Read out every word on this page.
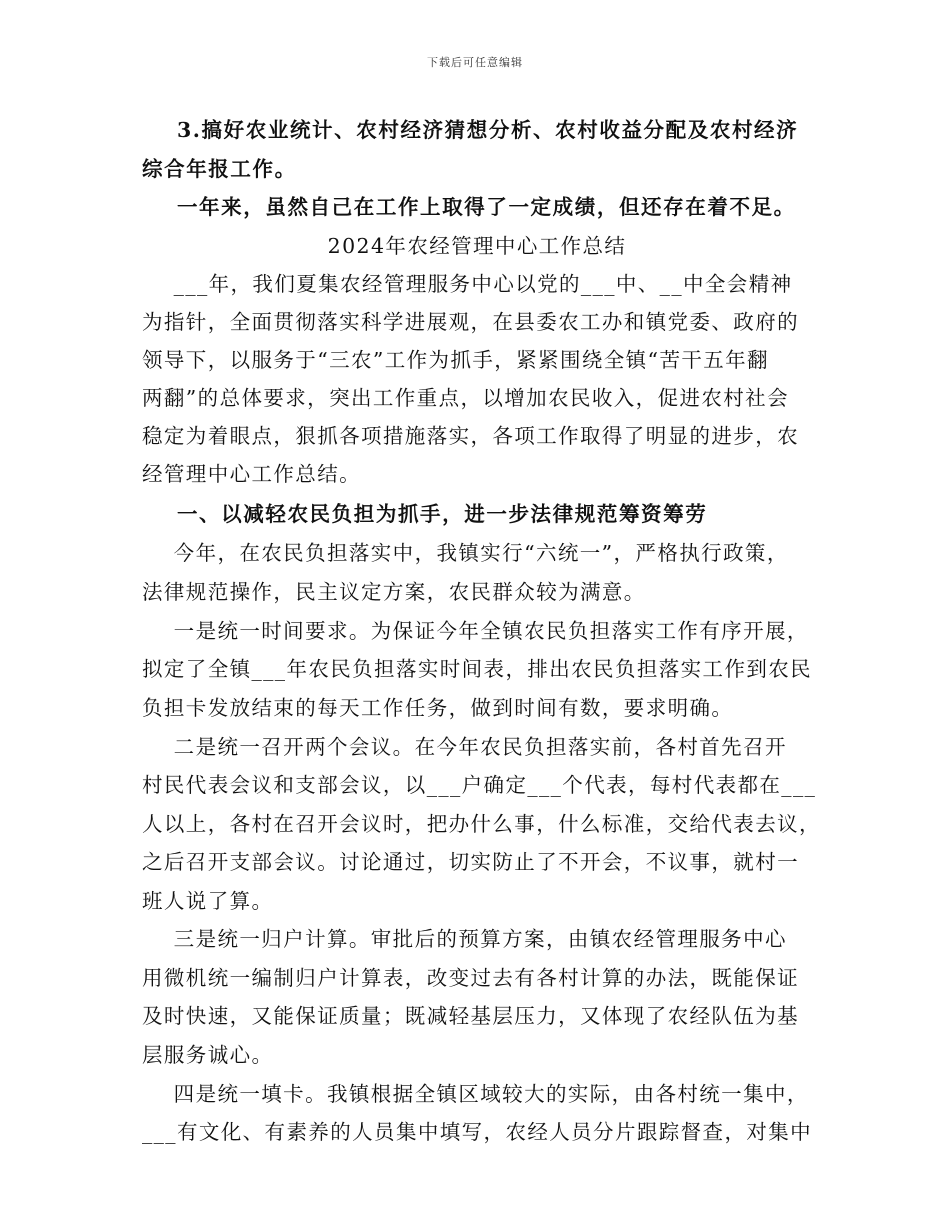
下载后可任意编辑
3.搞好农业统计、农村经济猜想分析、农村收益分配及农村经济
综合年报工作。
一年来，虽然自己在工作上取得了一定成绩，但还存在着不足。
2024年农经管理中心工作总结
___年，我们夏集农经管理服务中心以党的___中、__中全会精神
为指针，全面贯彻落实科学进展观，在县委农工办和镇党委、政府的
领导下，以服务于“三农”工作为抓手，紧紧围绕全镇“苦干五年翻
两翻”的总体要求，突出工作重点，以增加农民收入，促进农村社会
稳定为着眼点，狠抓各项措施落实，各项工作取得了明显的进步，农
经管理中心工作总结。
一、以减轻农民负担为抓手，进一步法律规范筹资筹劳
今年，在农民负担落实中，我镇实行“六统一”，严格执行政策，
法律规范操作，民主议定方案，农民群众较为满意。
一是统一时间要求。为保证今年全镇农民负担落实工作有序开展，
拟定了全镇___年农民负担落实时间表，排出农民负担落实工作到农民
负担卡发放结束的每天工作任务，做到时间有数，要求明确。
二是统一召开两个会议。在今年农民负担落实前，各村首先召开
村民代表会议和支部会议，以___户确定___个代表，每村代表都在___
人以上，各村在召开会议时，把办什么事，什么标准，交给代表去议，
之后召开支部会议。讨论通过，切实防止了不开会，不议事，就村一
班人说了算。
三是统一归户计算。审批后的预算方案，由镇农经管理服务中心
用微机统一编制归户计算表，改变过去有各村计算的办法，既能保证
及时快速，又能保证质量；既减轻基层压力，又体现了农经队伍为基
层服务诚心。
四是统一填卡。我镇根据全镇区域较大的实际，由各村统一集中，
___有文化、有素养的人员集中填写，农经人员分片跟踪督查，对集中
